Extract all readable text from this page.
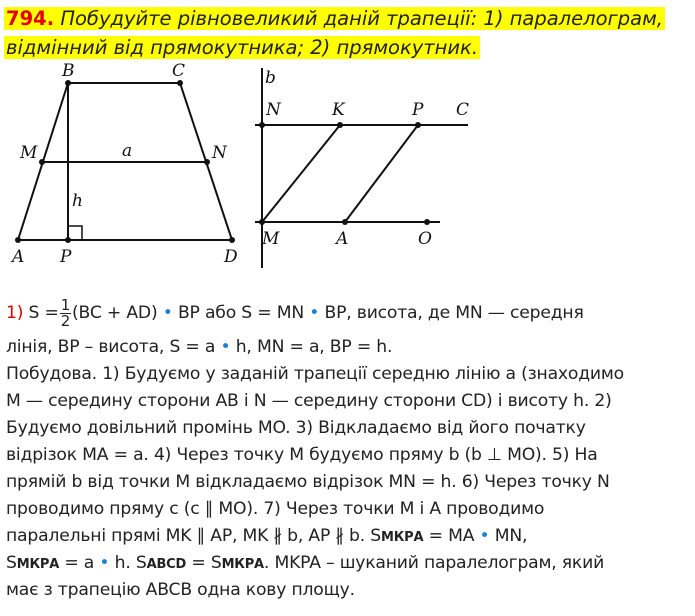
794. Побудуйте рівновеликий даній трапеції: 1) паралелограм,
відмінний від прямокутника; 2) прямокутник.
B	C
M	a	N
h
A P	D
b
N	K	P C
M	A	O
1) $S = \frac{1}{2} (BC + AD)$ • BP або S = MN • BP, висота, де MN — середня
лінія, BP – висота, S = a • h, MN = a, BP = h.
Побудова. 1) Будуємо у заданій трапеції середню лінію a (знаходимо
M — середину сторони AB і N — середину сторони CD) і висоту h. 2)
Будуємо довільний промінь MO. 3) Відкладаємо від його початку
відрізок MA = a. 4) Через точку M будуємо пряму b (b ⊥ MO). 5) На
прямій b від точки M відкладаємо відрізок MN = h. 6) Через точку N
проводимо пряму c (c ∥ MO). 7) Через точки M і A проводимо
паралельні прямі MK ∥ AP, MK ∦ b, AP ∦ b. SМКРА = MA • MN,
SМКРА = a • h. SABCD = SМКРА. MKPA – шуканий паралелограм, який
має з трапецію ABCB одна кову площу.
